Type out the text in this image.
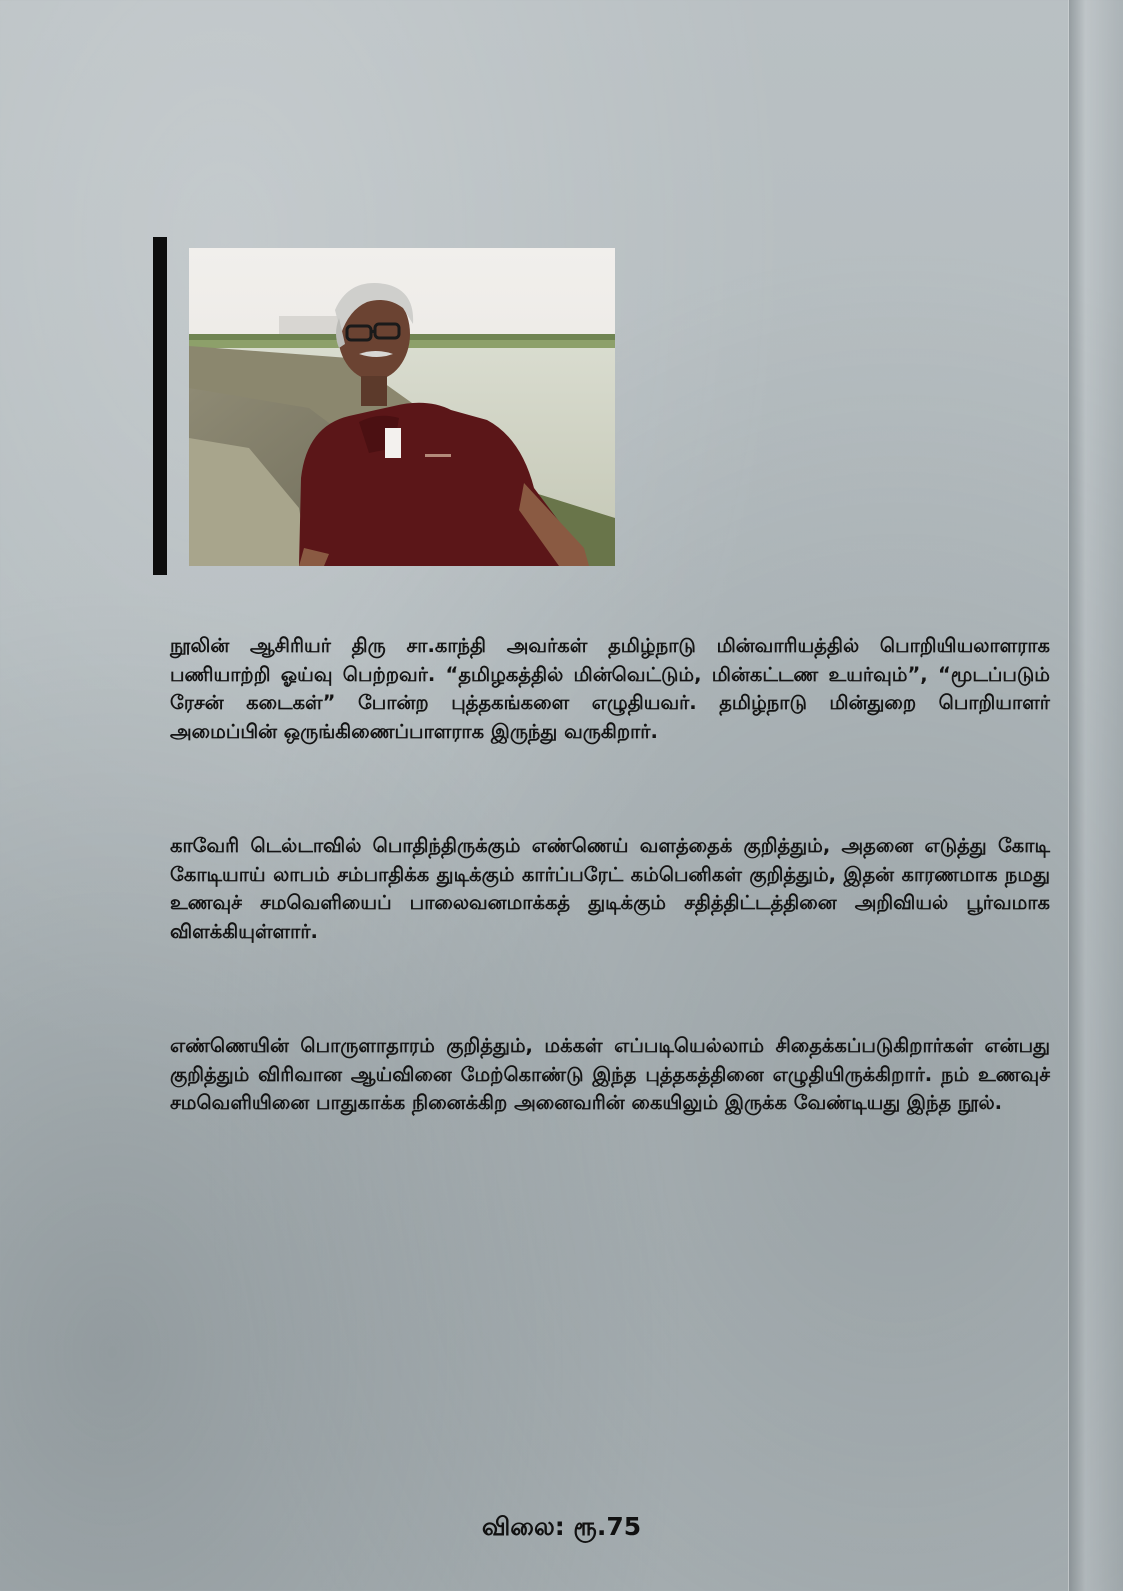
நூலின் ஆசிரியர் திரு சா.காந்தி அவர்கள் தமிழ்நாடு மின்வாரியத்தில் பொறியியலாளராக பணியாற்றி ஓய்வு பெற்றவர். “தமிழகத்தில் மின்வெட்டும், மின்கட்டண உயர்வும்”, “மூடப்படும் ரேசன் கடைகள்” போன்ற புத்தகங்களை எழுதியவர். தமிழ்நாடு மின்துறை பொறியாளர் அமைப்பின் ஒருங்கிணைப்பாளராக இருந்து வருகிறார்.

காவேரி டெல்டாவில் பொதிந்திருக்கும் எண்ணெய் வளத்தைக் குறித்தும், அதனை எடுத்து கோடி கோடியாய் லாபம் சம்பாதிக்க துடிக்கும் கார்ப்பரேட் கம்பெனிகள் குறித்தும், இதன் காரணமாக நமது உணவுச் சமவெளியைப் பாலைவனமாக்கத் துடிக்கும் சதித்திட்டத்தினை அறிவியல் பூர்வமாக விளக்கியுள்ளார்.

எண்ணெயின் பொருளாதாரம் குறித்தும், மக்கள் எப்படியெல்லாம் சிதைக்கப்படுகிறார்கள் என்பது குறித்தும் விரிவான ஆய்வினை மேற்கொண்டு இந்த புத்தகத்தினை எழுதியிருக்கிறார். நம் உணவுச் சமவெளியினை பாதுகாக்க நினைக்கிற அனைவரின் கையிலும் இருக்க வேண்டியது இந்த நூல்.

விலை: ரூ.75
